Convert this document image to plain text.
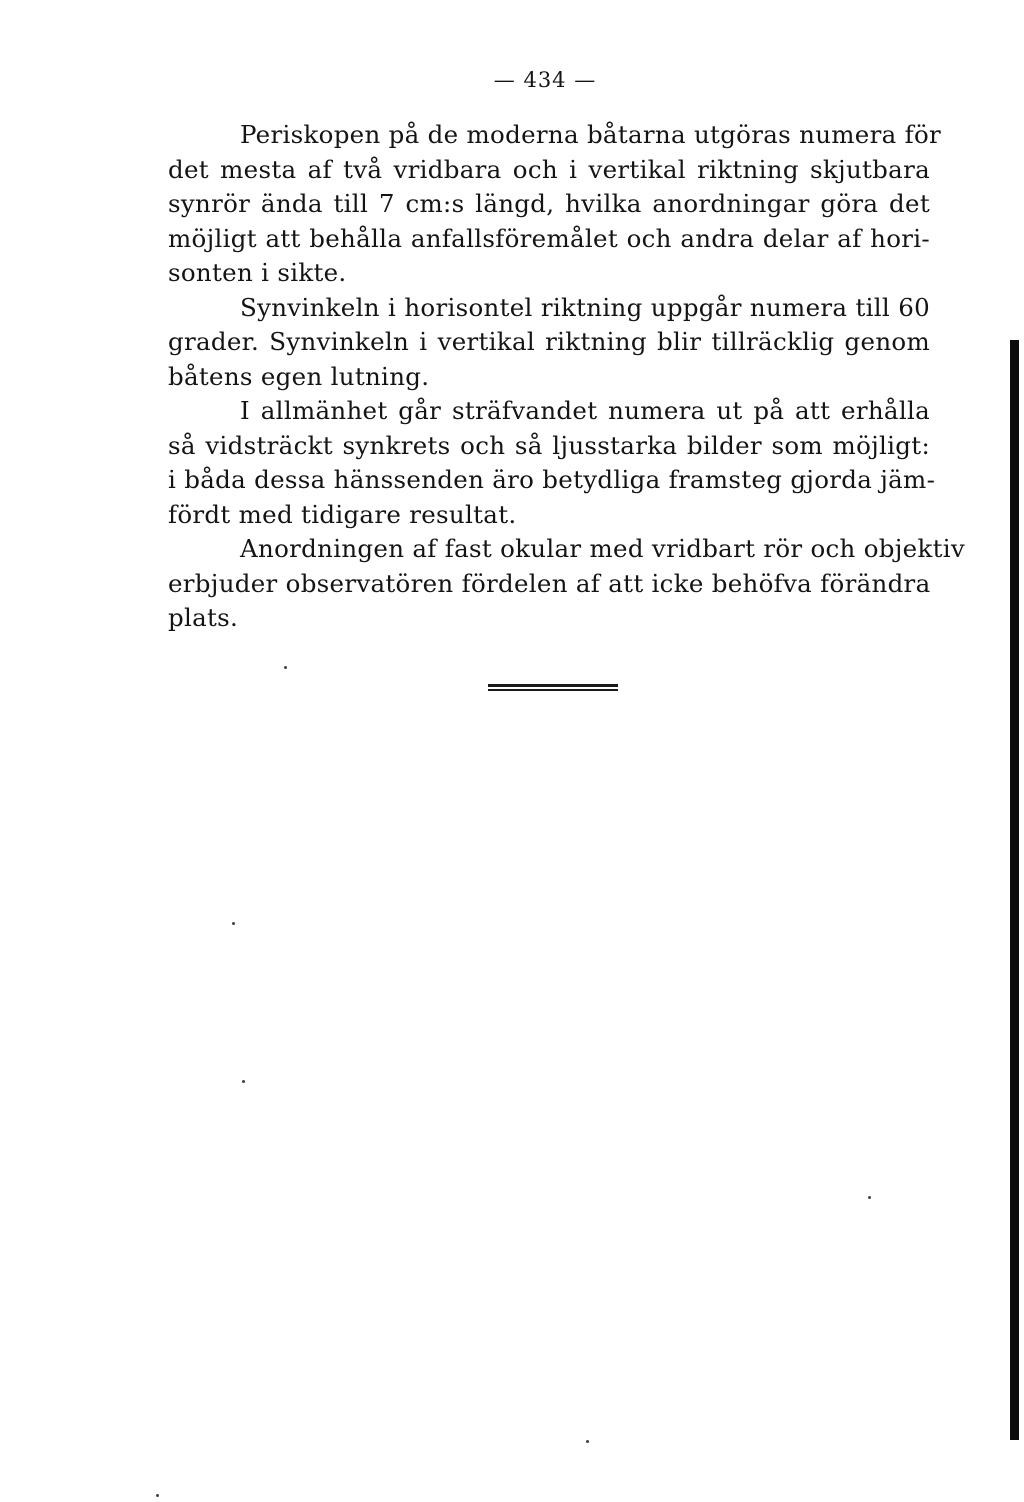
— 434 —
Periskopen på de moderna båtarna utgöras numera för
det mesta af två vridbara och i vertikal riktning skjutbara
synrör ända till 7 cm:s längd, hvilka anordningar göra det
möjligt att behålla anfallsföremålet och andra delar af hori-
sonten i sikte.
Synvinkeln i horisontel riktning uppgår numera till 60
grader. Synvinkeln i vertikal riktning blir tillräcklig genom
båtens egen lutning.
I allmänhet går sträfvandet numera ut på att erhålla
så vidsträckt synkrets och så ljusstarka bilder som möjligt:
i båda dessa hänssenden äro betydliga framsteg gjorda jäm-
fördt med tidigare resultat.
Anordningen af fast okular med vridbart rör och objektiv
erbjuder observatören fördelen af att icke behöfva förändra
plats.
